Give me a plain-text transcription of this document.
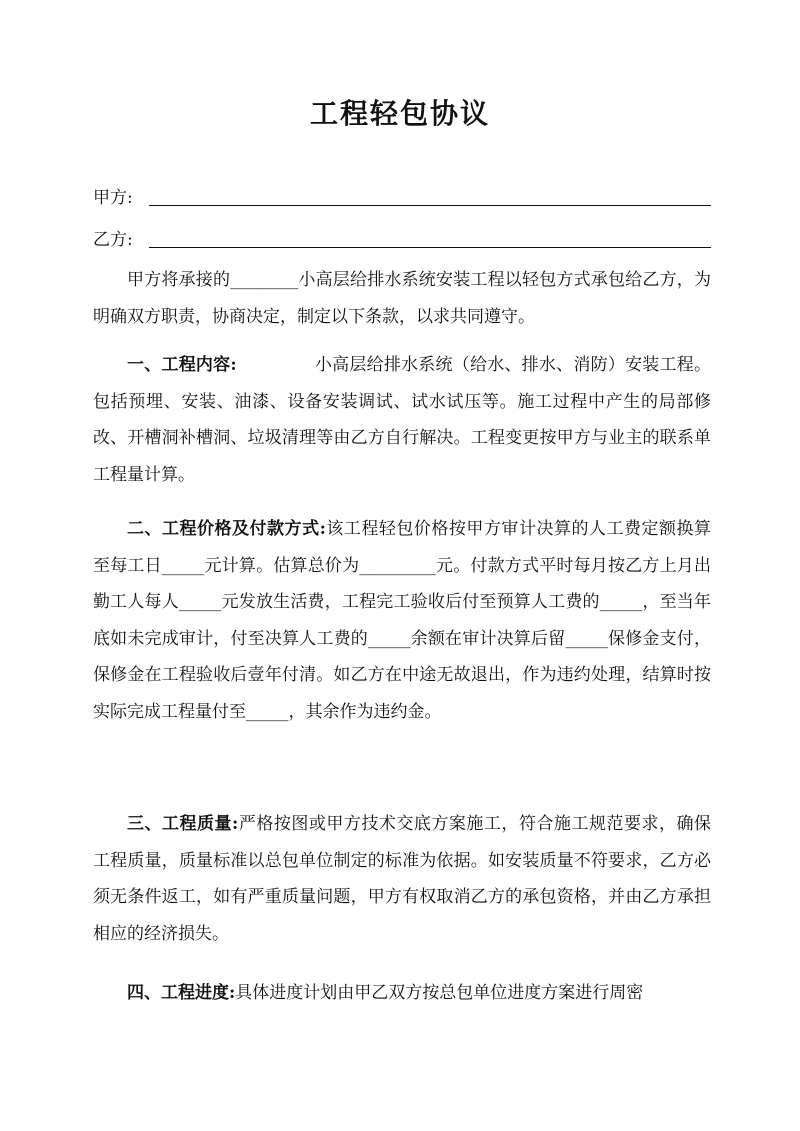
工程轻包协议
甲方:
乙方:

甲方将承接的________小高层给排水系统安装工程以轻包方式承包给乙方，为明确双方职责，协商决定，制定以下条款，以求共同遵守。

一、工程内容:	小高层给排水系统（给水、排水、消防）安装工程。包括预埋、安装、油漆、设备安装调试、试水试压等。施工过程中产生的局部修改、开槽洞补槽洞、垃圾清理等由乙方自行解决。工程变更按甲方与业主的联系单工程量计算。

二、工程价格及付款方式:该工程轻包价格按甲方审计决算的人工费定额换算至每工日_____元计算。估算总价为_________元。付款方式平时每月按乙方上月出勤工人每人_____元发放生活费，工程完工验收后付至预算人工费的_____，至当年底如未完成审计，付至决算人工费的_____余额在审计决算后留_____保修金支付，保修金在工程验收后壹年付清。如乙方在中途无故退出，作为违约处理，结算时按实际完成工程量付至_____，其余作为违约金。

三、工程质量:严格按图或甲方技术交底方案施工，符合施工规范要求，确保工程质量，质量标准以总包单位制定的标准为依据。如安装质量不符要求，乙方必须无条件返工，如有严重质量问题，甲方有权取消乙方的承包资格，并由乙方承担相应的经济损失。

四、工程进度:具体进度计划由甲乙双方按总包单位进度方案进行周密
